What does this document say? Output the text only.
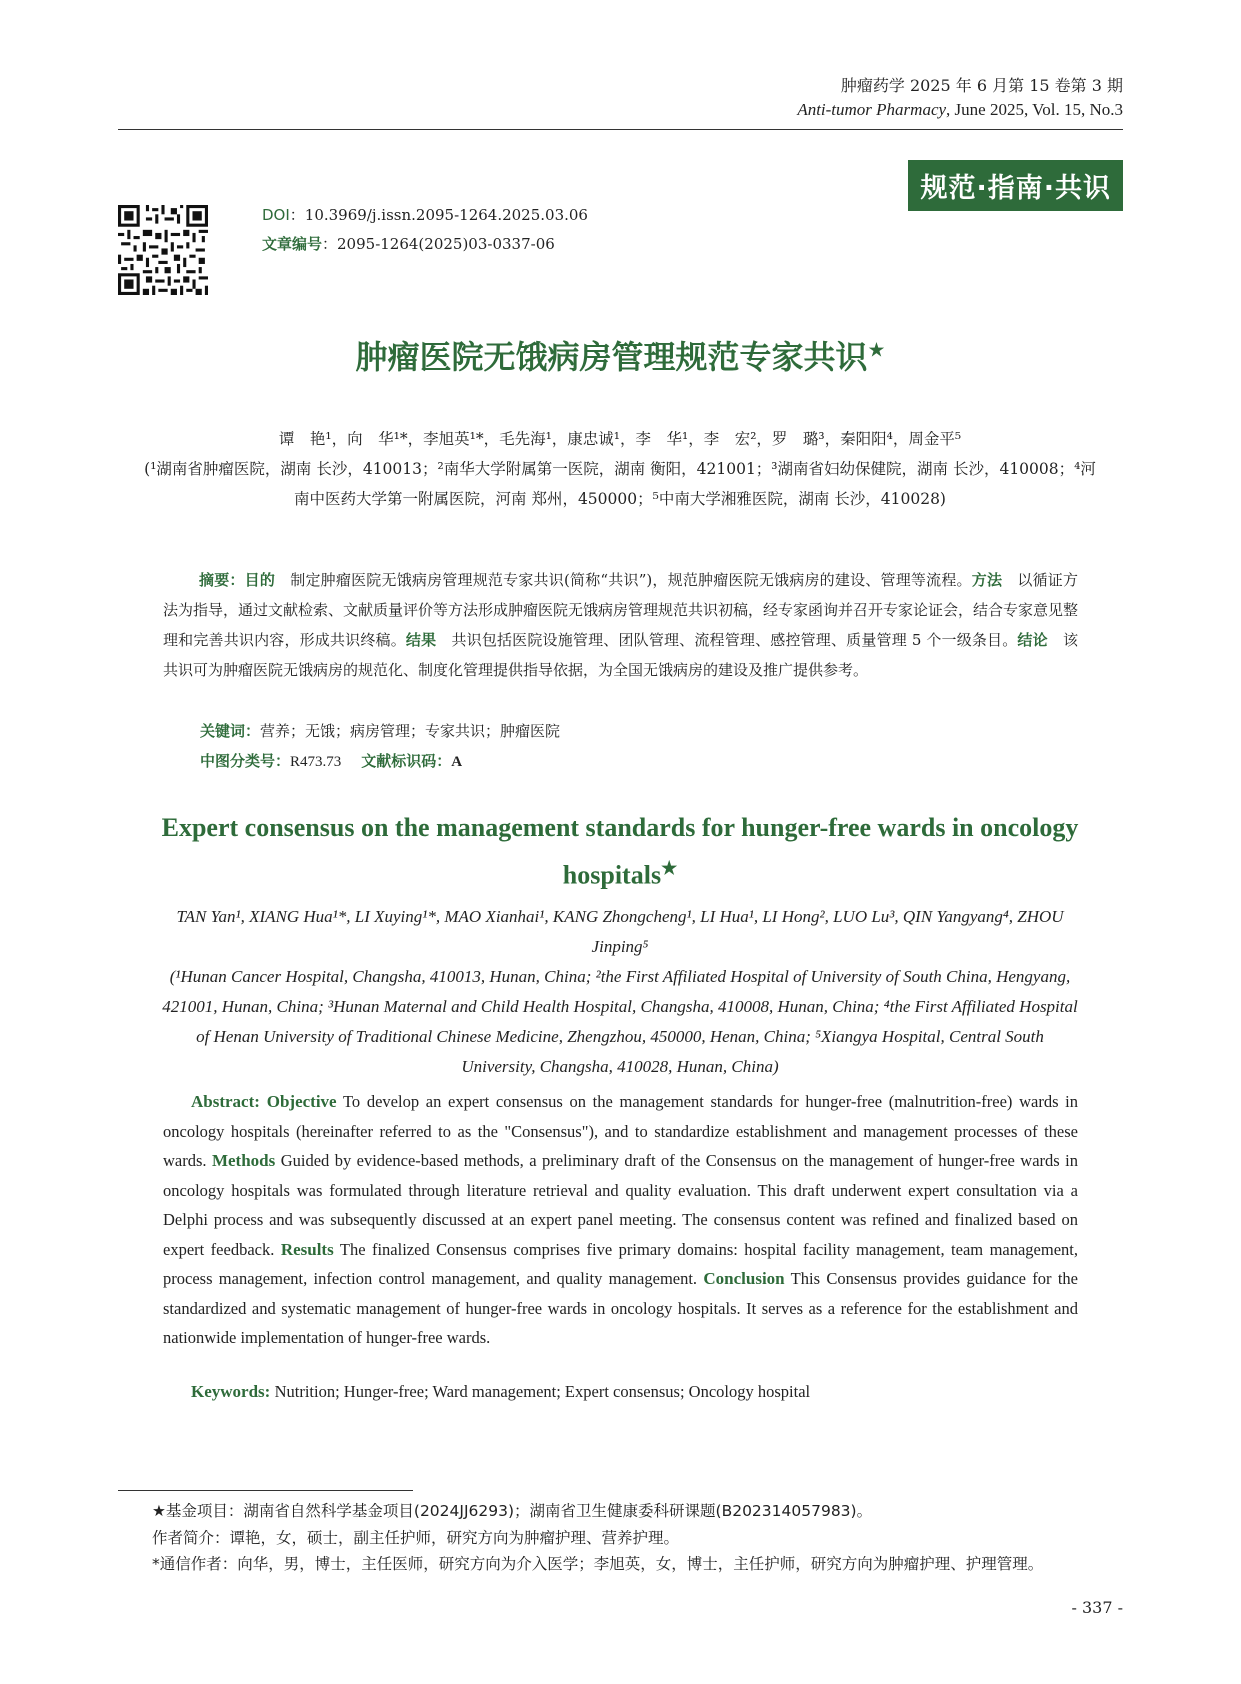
肿瘤药学 2025 年 6 月第 15 卷第 3 期
Anti-tumor Pharmacy, June 2025, Vol. 15, No.3
规范·指南·共识
DOI：10.3969/j.issn.2095-1264.2025.03.06
文章编号：2095-1264(2025)03-0337-06
肿瘤医院无饿病房管理规范专家共识★
谭　艳¹，向　华¹*，李旭英¹*，毛先海¹，康忠诚¹，李　华¹，李　宏²，罗　璐³，秦阳阳⁴，周金平⁵
(¹湖南省肿瘤医院，湖南 长沙，410013；²南华大学附属第一医院，湖南 衡阳，421001；³湖南省妇幼保健院，湖南 长沙，410008；⁴河南中医药大学第一附属医院，河南 郑州，450000；⁵中南大学湘雅医院，湖南 长沙，410028)
摘要：目的　制定肿瘤医院无饿病房管理规范专家共识(简称“共识”)，规范肿瘤医院无饿病房的建设、管理等流程。方法　以循证方法为指导，通过文献检索、文献质量评价等方法形成肿瘤医院无饿病房管理规范共识初稿，经专家函询并召开专家论证会，结合专家意见整理和完善共识内容，形成共识终稿。结果　共识包括医院设施管理、团队管理、流程管理、感控管理、质量管理 5 个一级条目。结论　该共识可为肿瘤医院无饿病房的规范化、制度化管理提供指导依据，为全国无饿病房的建设及推广提供参考。
关键词：营养；无饿；病房管理；专家共识；肿瘤医院
中图分类号：R473.73 文献标识码：A
Expert consensus on the management standards for hunger-free wards in oncology hospitals★
TAN Yan¹, XIANG Hua¹*, LI Xuying¹*, MAO Xianhai¹, KANG Zhongcheng¹, LI Hua¹, LI Hong², LUO Lu³, QIN Yangyang⁴, ZHOU Jinping⁵
(¹Hunan Cancer Hospital, Changsha, 410013, Hunan, China; ²the First Affiliated Hospital of University of South China, Hengyang, 421001, Hunan, China; ³Hunan Maternal and Child Health Hospital, Changsha, 410008, Hunan, China; ⁴the First Affiliated Hospital of Henan University of Traditional Chinese Medicine, Zhengzhou, 450000, Henan, China; ⁵Xiangya Hospital, Central South University, Changsha, 410028, Hunan, China)
Abstract: Objective To develop an expert consensus on the management standards for hunger-free (malnutrition-free) wards in oncology hospitals (hereinafter referred to as the "Consensus"), and to standardize establishment and management processes of these wards. Methods Guided by evidence-based methods, a preliminary draft of the Consensus on the management of hunger-free wards in oncology hospitals was formulated through literature retrieval and quality evaluation. This draft underwent expert consultation via a Delphi process and was subsequently discussed at an expert panel meeting. The consensus content was refined and finalized based on expert feedback. Results The finalized Consensus comprises five primary domains: hospital facility management, team management, process management, infection control management, and quality management. Conclusion This Consensus provides guidance for the standardized and systematic management of hunger-free wards in oncology hospitals. It serves as a reference for the establishment and nationwide implementation of hunger-free wards.
Keywords: Nutrition; Hunger-free; Ward management; Expert consensus; Oncology hospital
★基金项目：湖南省自然科学基金项目(2024JJ6293)；湖南省卫生健康委科研课题(B202314057983)。
作者简介：谭艳，女，硕士，副主任护师，研究方向为肿瘤护理、营养护理。
*通信作者：向华，男，博士，主任医师，研究方向为介入医学；李旭英，女，博士，主任护师，研究方向为肿瘤护理、护理管理。
- 337 -
